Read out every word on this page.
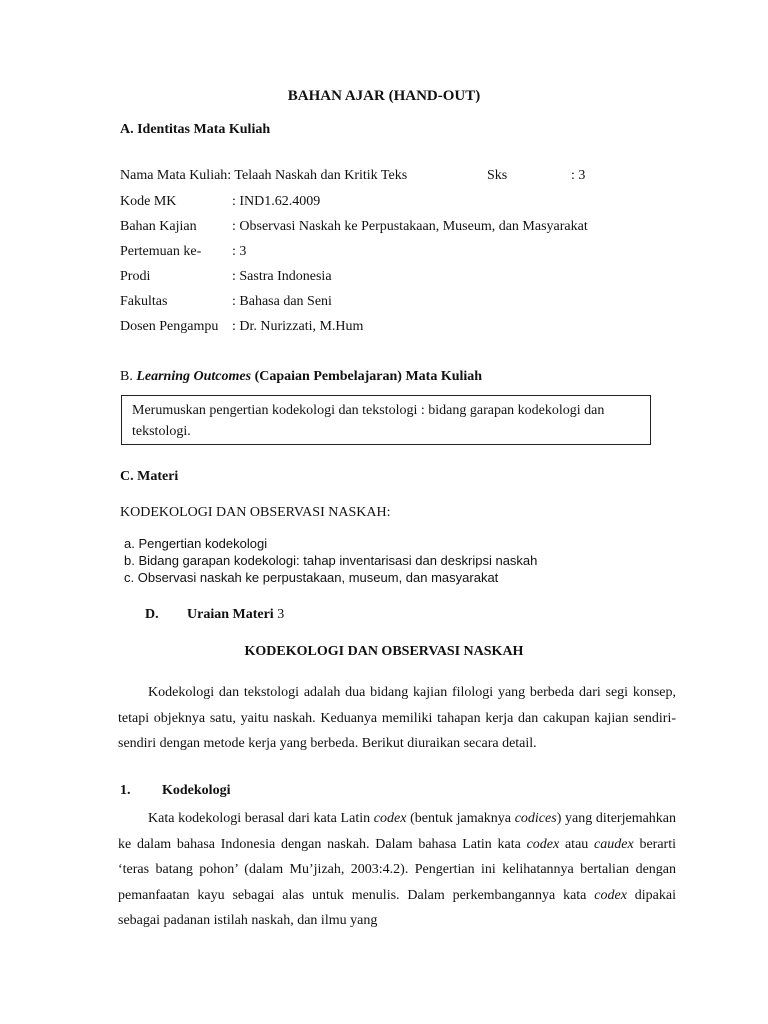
BAHAN AJAR (HAND-OUT)
A. Identitas Mata Kuliah
Nama Mata Kuliah: Telaah Naskah dan Kritik Teks	Sks	: 3
Kode MK	: IND1.62.4009
Bahan Kajian	: Observasi Naskah ke Perpustakaan, Museum, dan Masyarakat
Pertemuan ke- : 3
Prodi	: Sastra Indonesia
Fakultas	: Bahasa dan Seni
Dosen Pengampu : Dr. Nurizzati, M.Hum
B. Learning Outcomes (Capaian Pembelajaran) Mata Kuliah
Merumuskan pengertian kodekologi dan tekstologi : bidang garapan kodekologi dan tekstologi.
C. Materi
KODEKOLOGI DAN OBSERVASI NASKAH:
a. Pengertian kodekologi
b. Bidang garapan kodekologi: tahap inventarisasi dan deskripsi naskah
c. Observasi naskah ke perpustakaan, museum, dan masyarakat
D. Uraian Materi 3
KODEKOLOGI DAN OBSERVASI NASKAH
Kodekologi dan tekstologi adalah dua bidang kajian filologi yang berbeda dari segi konsep, tetapi objeknya satu, yaitu naskah. Keduanya memiliki tahapan kerja dan cakupan kajian sendiri-sendiri dengan metode kerja yang berbeda. Berikut diuraikan secara detail.
1. Kodekologi
Kata kodekologi berasal dari kata Latin codex (bentuk jamaknya codices) yang diterjemahkan ke dalam bahasa Indonesia dengan naskah. Dalam bahasa Latin kata codex atau caudex berarti ‘teras batang pohon’ (dalam Mu’jizah, 2003:4.2). Pengertian ini kelihatannya bertalian dengan pemanfaatan kayu sebagai alas untuk menulis. Dalam perkembangannya kata codex dipakai sebagai padanan istilah naskah, dan ilmu yang
